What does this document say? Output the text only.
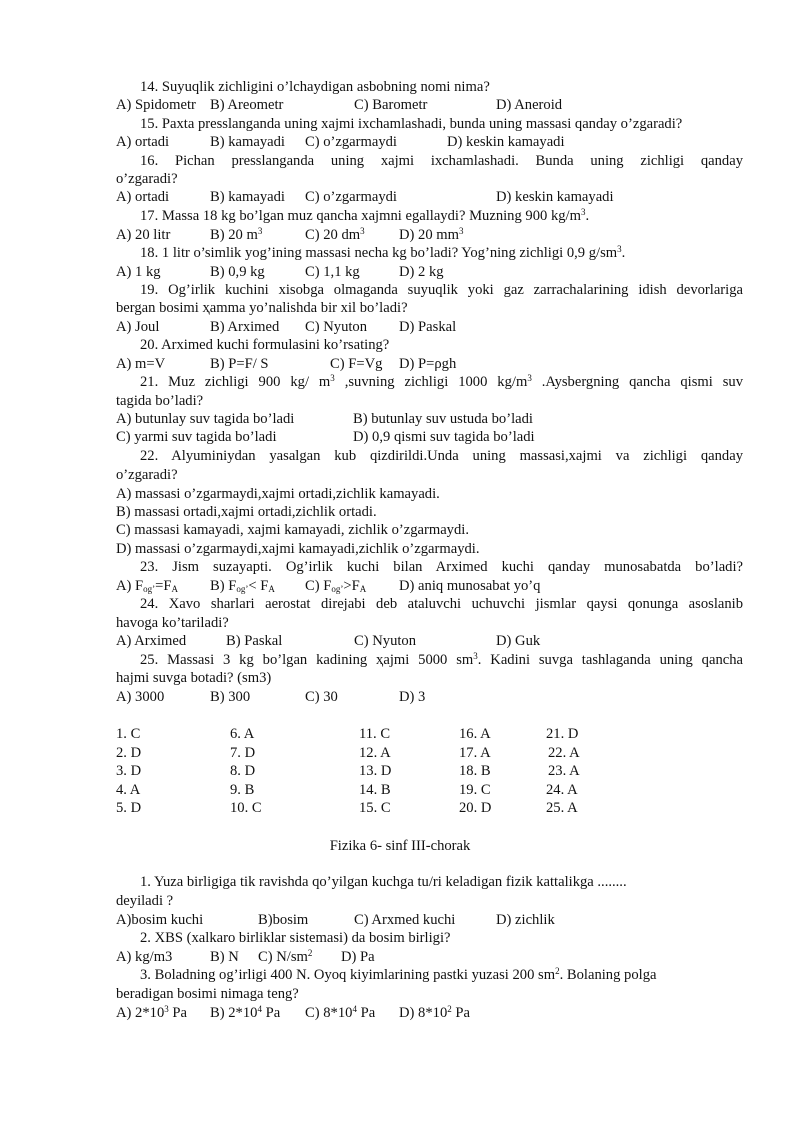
14. Suyuqlik zichligini o’lchaydigan asbobning nomi nima?
A) Spidometr B) Areometr	C) Barometr	D) Aneroid
15. Paxta presslanganda uning xajmi ixchamlashadi, bunda uning massasi qanday o’zgaradi?
A) ortadi	B) kamayadi C) o’zgarmaydi	D) keskin kamayadi
16. Pichan presslanganda uning xajmi ixchamlashadi. Bunda uning zichligi qanday
o’zgaradi?
A) ortadi	B) kamayadi C) o’zgarmaydi	D) keskin kamayadi
17. Massa 18 kg bo’lgan muz qancha xajmni egallaydi? Muzning 900 $kg/m^3$.
A) 20 litr	B) 20 $m^3$	C) 20 $dm^3$ D) 20 $mm^3$
18. 1 litr o’simlik yog’ining massasi necha kg bo’ladi? Yog’ning zichligi 0,9 $g/sm^3$.
A) 1 kg	B) 0,9 kg	C) 1,1 kg	D) 2 kg
19. Og’irlik kuchini xisobga olmaganda suyuqlik yoki gaz zarrachalarining idish devorlariga
bergan bosimi ҳamma yo’nalishda bir xil bo’ladi?
A) Joul	B) Arximed C) Nyuton D) Paskal
20. Arximed kuchi formulasini ko’rsating?
A) m=V	B) P=F/ S	C) F=Vg D) P=ρgh
21. Muz zichligi 900 kg/ $m^3$ ,suvning zichligi 1000 $kg/m^3$ .Aysbergning qancha qismi suv
tagida bo’ladi?
A) butunlay suv tagida bo’ladi	B) butunlay suv ustuda bo’ladi
C) yarmi suv tagida bo’ladi	D) 0,9 qismi suv tagida bo’ladi
22. Alyuminiydan yasalgan kub qizdirildi.Unda uning massasi,xajmi va zichligi qanday
o’zgaradi?
A) massasi o’zgarmaydi,xajmi ortadi,zichlik kamayadi.
B) massasi ortadi,xajmi ortadi,zichlik ortadi.
C) massasi kamayadi, xajmi kamayadi, zichlik o’zgarmaydi.
D) massasi o’zgarmaydi,xajmi kamayadi,zichlik o’zgarmaydi.
23. Jism suzayapti. Og’irlik kuchi bilan Arximed kuchi qanday munosabatda bo’ladi?
A) $F_{og’}=F_A$ B) $F_{og’}< F_A$ C) $F_{og’}>F_A$ D) aniq munosabat yo’q
24. Xavo sharlari aerostat direjabi deb ataluvchi uchuvchi jismlar qaysi qonunga asoslanib
havoga ko’tariladi?
A) Arximed	B) Paskal	C) Nyuton	D) Guk
25. Massasi 3 kg bo’lgan kadining ҳajmi 5000 $sm^3$. Kadini suvga tashlaganda uning qancha
hajmi suvga botadi? (sm3)
A) 3000	B) 300	C) 30	D) 3
1. C	6. A	11. C	16. A	21. D
2. D	7. D	12. A	17. A	22. A
3. D	8. D	13. D	18. B	23. A
4. A	9. B	14. B	19. C	24. A
5. D	10. C	15. C	20. D	25. A
Fizika 6- sinf III-chorak
1. Yuza birligiga tik ravishda qo’yilgan kuchga tu/ri keladigan fizik kattalikga ........
deyiladi ?
A)bosim kuchi	B)bosim	C) Arxmed kuchi	D) zichlik
2. XBS (xalkaro birliklar sistemasi) da bosim birligi?
A) kg/m3	B) N C) $N/sm^2$ D) Pa
3. Boladning og’irligi 400 N. Oyoq kiyimlarining pastki yuzasi 200 $sm^2$. Bolaning polga
beradigan bosimi nimaga teng?
A) $2*10^3$ Pa B) $2*10^4$ Pa C) $8*10^4$ Pa D) $8*10^2$ Pa
